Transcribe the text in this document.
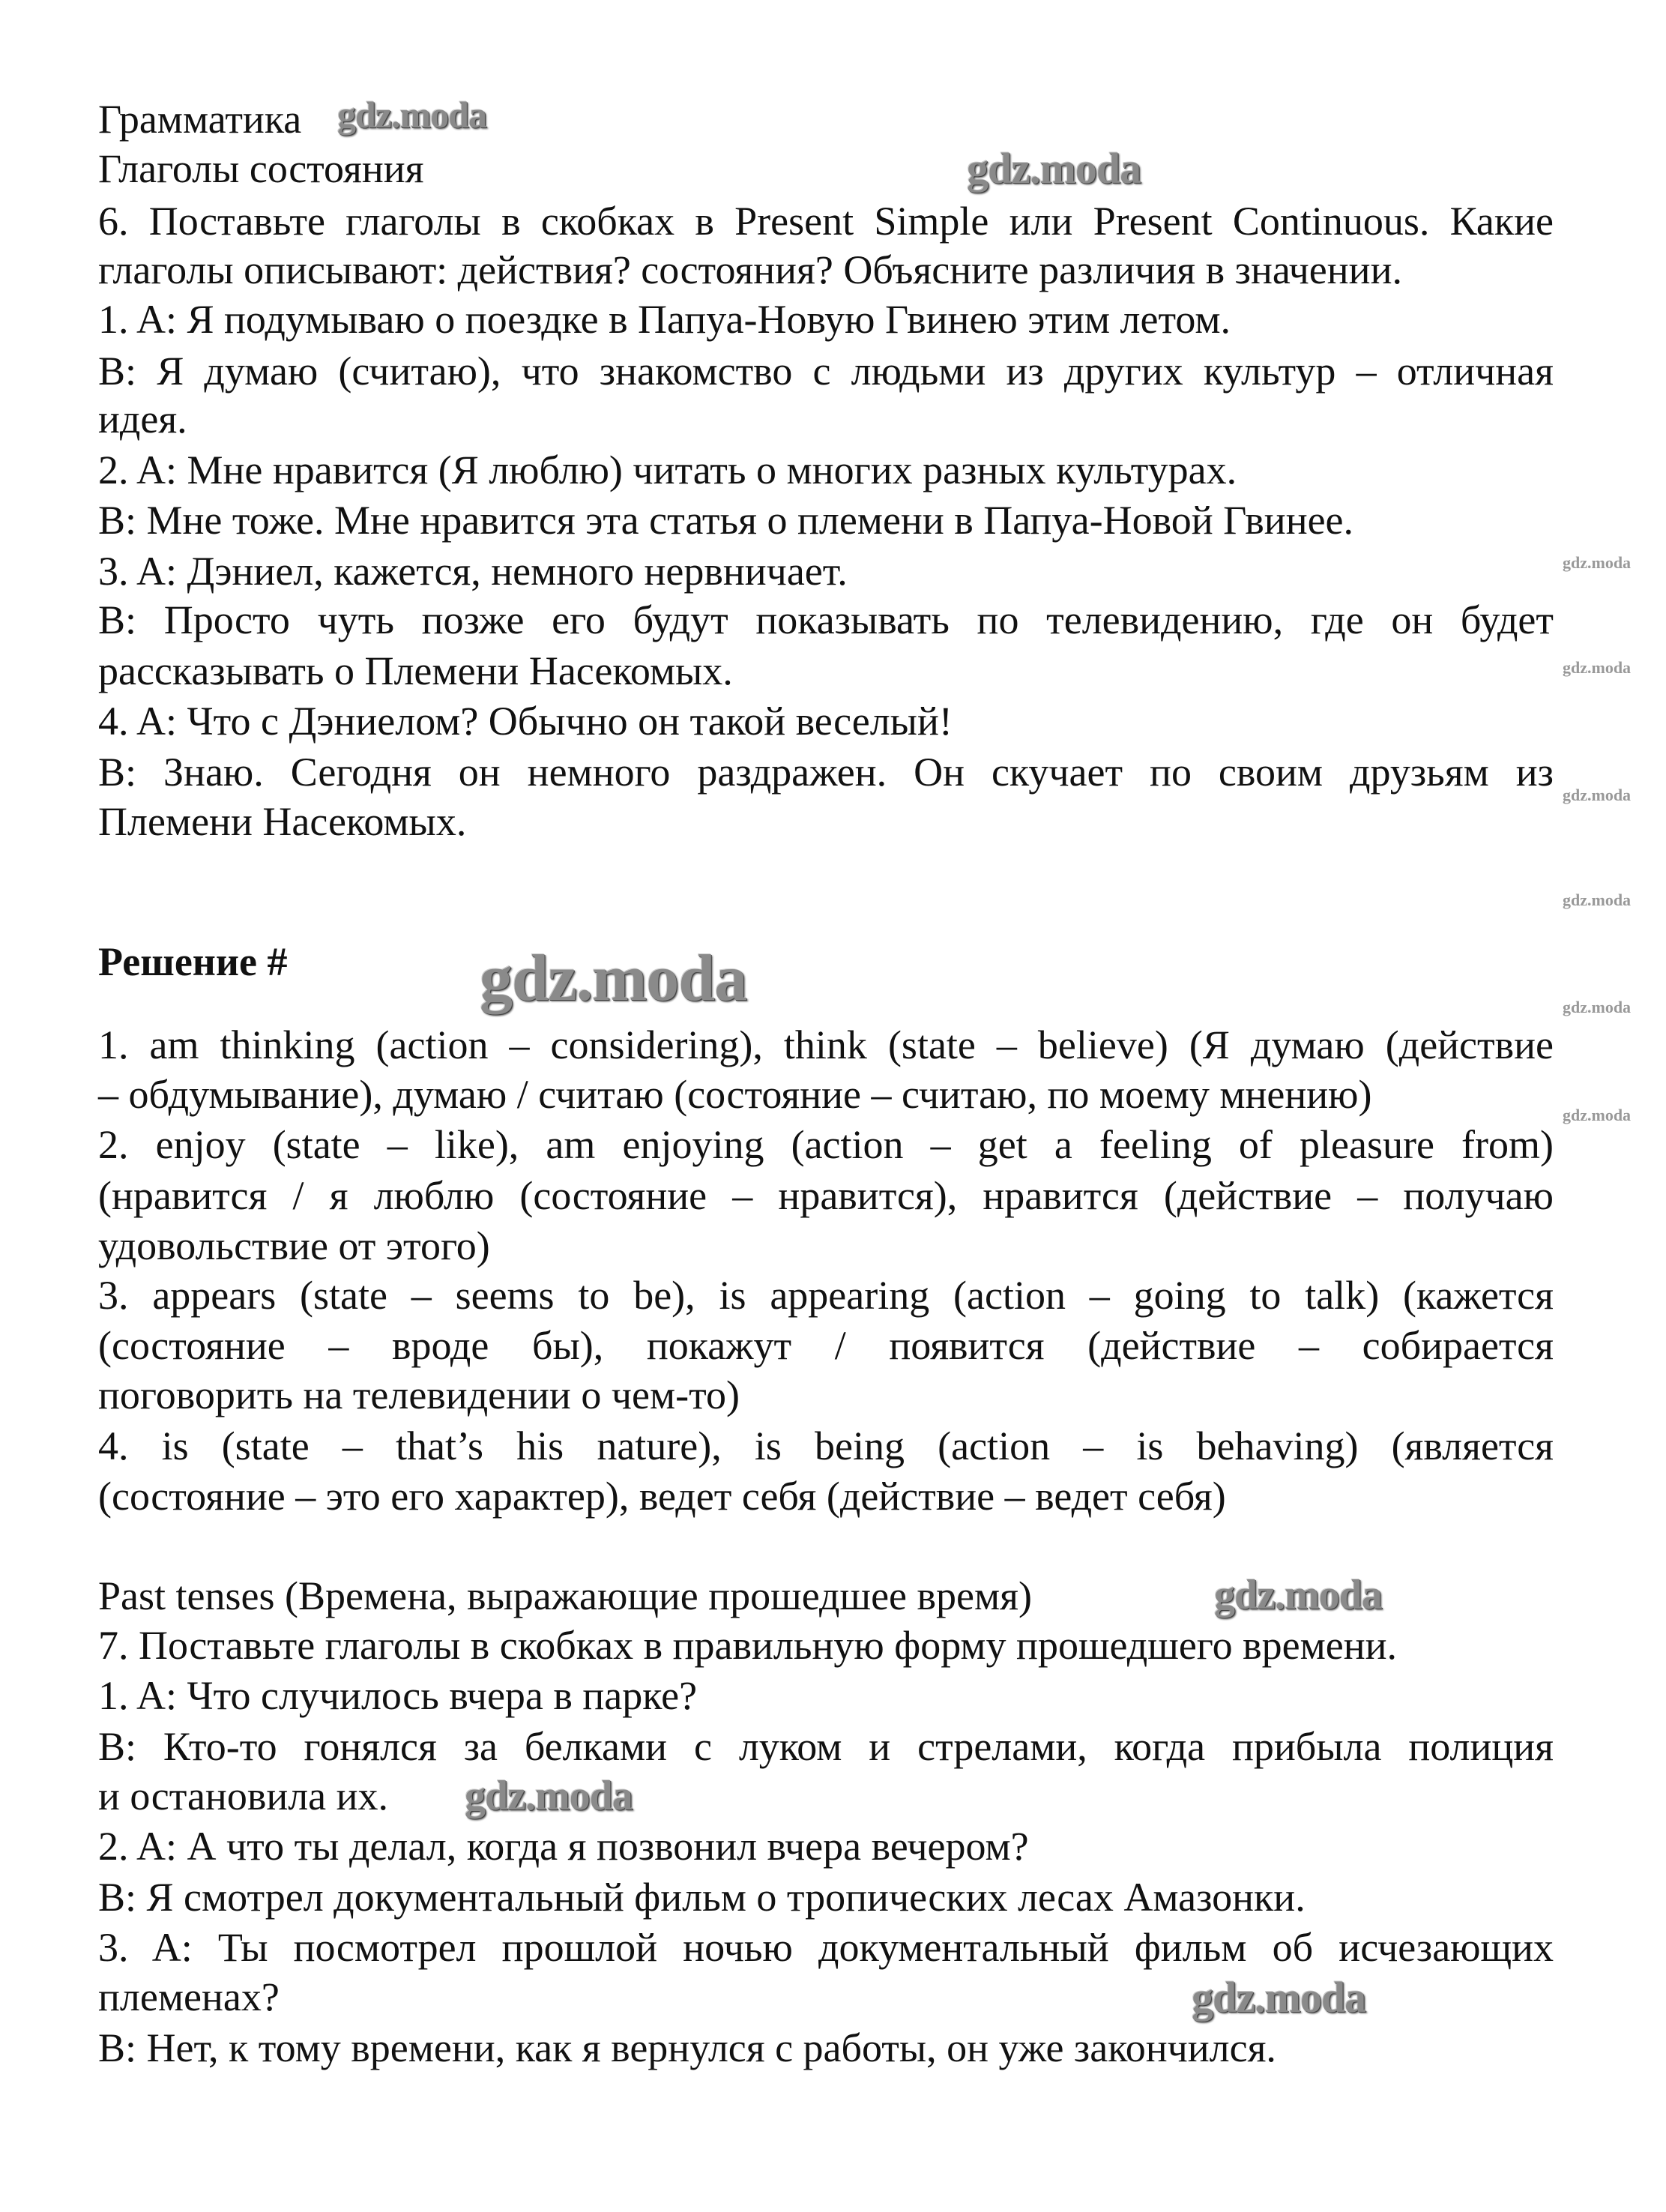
Грамматика
Глаголы состояния
6. Поставьте глаголы в скобках в Present Simple или Present Continuous. Какие
глаголы описывают: действия? состояния? Объясните различия в значении.
1. A: Я подумываю о поездке в Папуа-Новую Гвинею этим летом.
B: Я думаю (считаю), что знакомство с людьми из других культур – отличная
идея.
2. A: Мне нравится (Я люблю) читать о многих разных культурах.
B: Мне тоже. Мне нравится эта статья о племени в Папуа-Новой Гвинее.
3. A: Дэниел, кажется, немного нервничает.
B: Просто чуть позже его будут показывать по телевидению, где он будет
рассказывать о Племени Насекомых.
4. A: Что с Дэниелом? Обычно он такой веселый!
B: Знаю. Сегодня он немного раздражен. Он скучает по своим друзьям из
Племени Насекомых.
Решение #
1. am thinking (action – considering), think (state – believe) (Я думаю (действие
– обдумывание), думаю / считаю (состояние – считаю, по моему мнению)
2. enjoy (state – like), am enjoying (action – get a feeling of pleasure from)
(нравится / я люблю (состояние – нравится), нравится (действие – получаю
удовольствие от этого)
3. appears (state – seems to be), is appearing (action – going to talk) (кажется
(состояние – вроде бы), покажут / появится (действие – собирается
поговорить на телевидении о чем-то)
4. is (state – that’s his nature), is being (action – is behaving) (является
(состояние – это его характер), ведет себя (действие – ведет себя)
Past tenses (Времена, выражающие прошедшее время)
7. Поставьте глаголы в скобках в правильную форму прошедшего времени.
1. A: Что случилось вчера в парке?
B: Кто-то гонялся за белками с луком и стрелами, когда прибыла полиция
и остановила их.
2. A: А что ты делал, когда я позвонил вчера вечером?
B: Я смотрел документальный фильм о тропических лесах Амазонки.
3. A: Ты посмотрел прошлой ночью документальный фильм об исчезающих
племенах?
B: Нет, к тому времени, как я вернулся с работы, он уже закончился.
gdz.moda
gdz.moda
gdz.moda
gdz.moda
gdz.moda
gdz.moda
gdz.moda
gdz.moda
gdz.moda
gdz.moda
gdz.moda
gdz.moda
